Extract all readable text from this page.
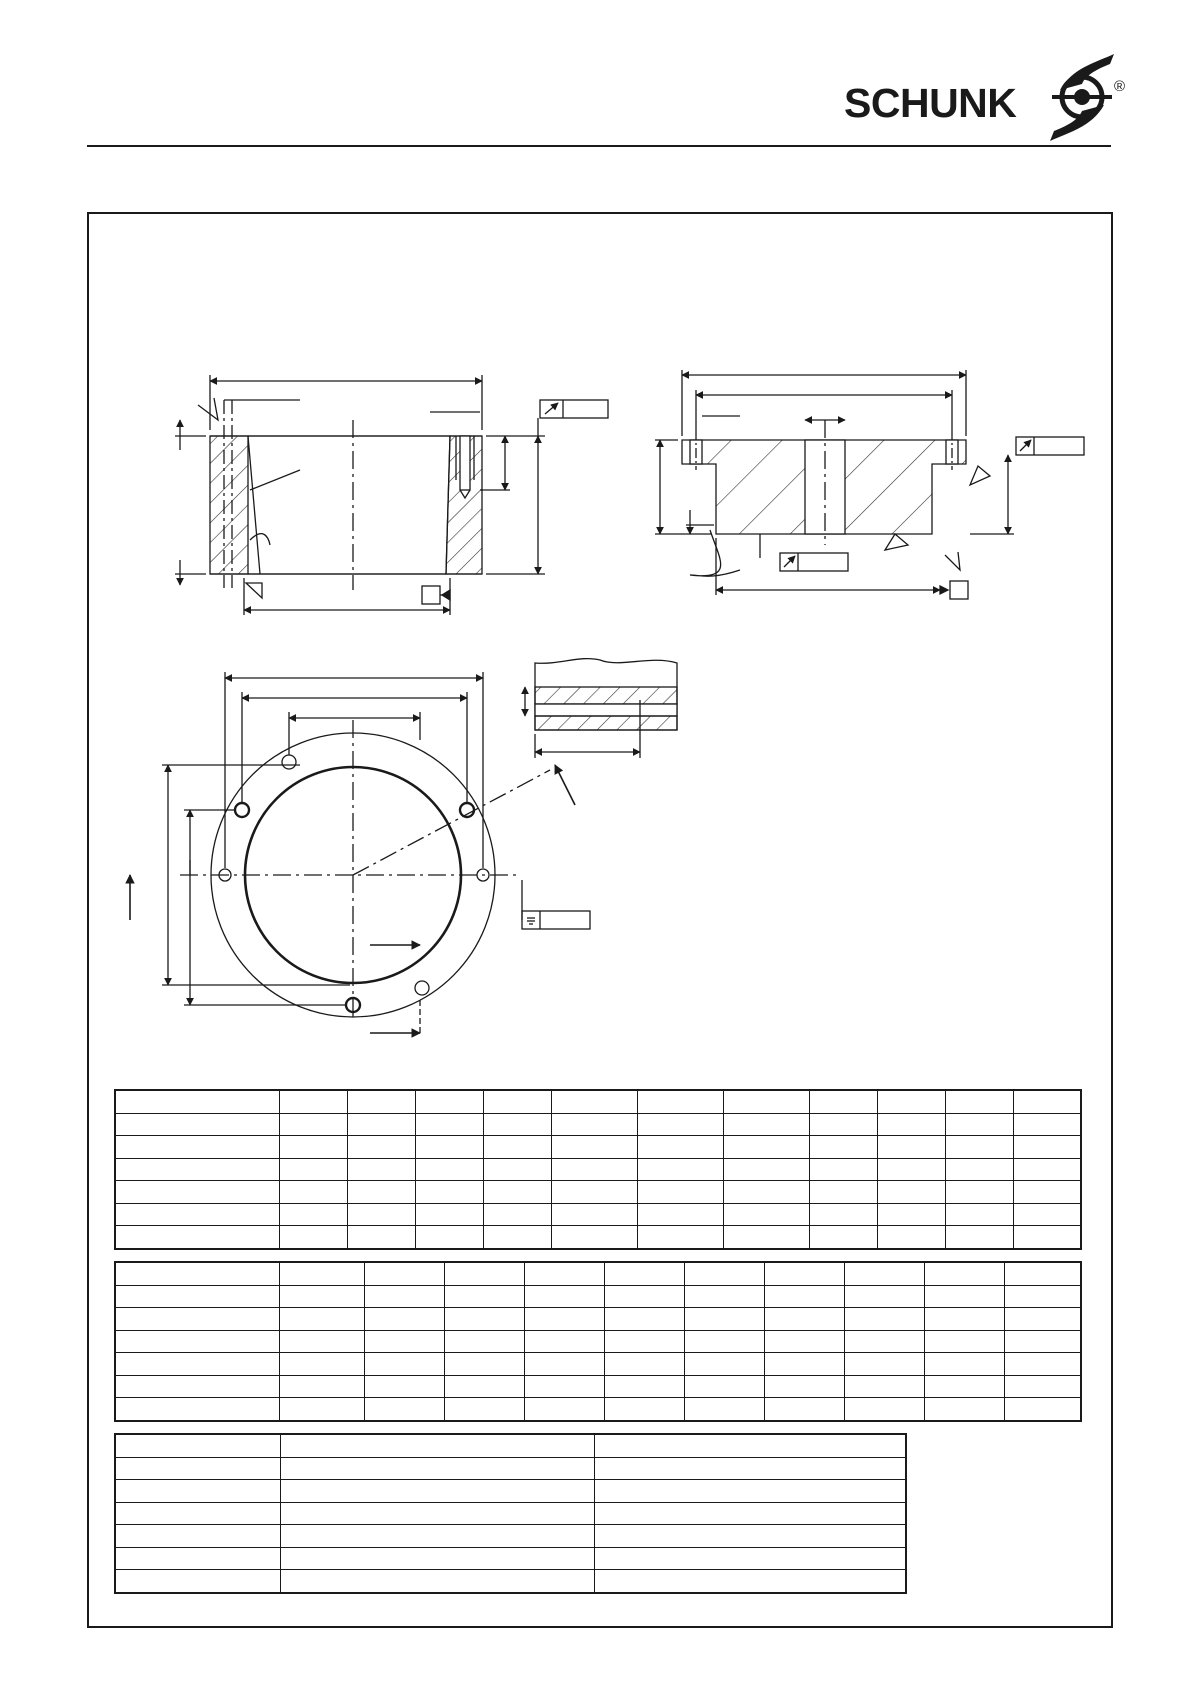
SCHUNK	®
